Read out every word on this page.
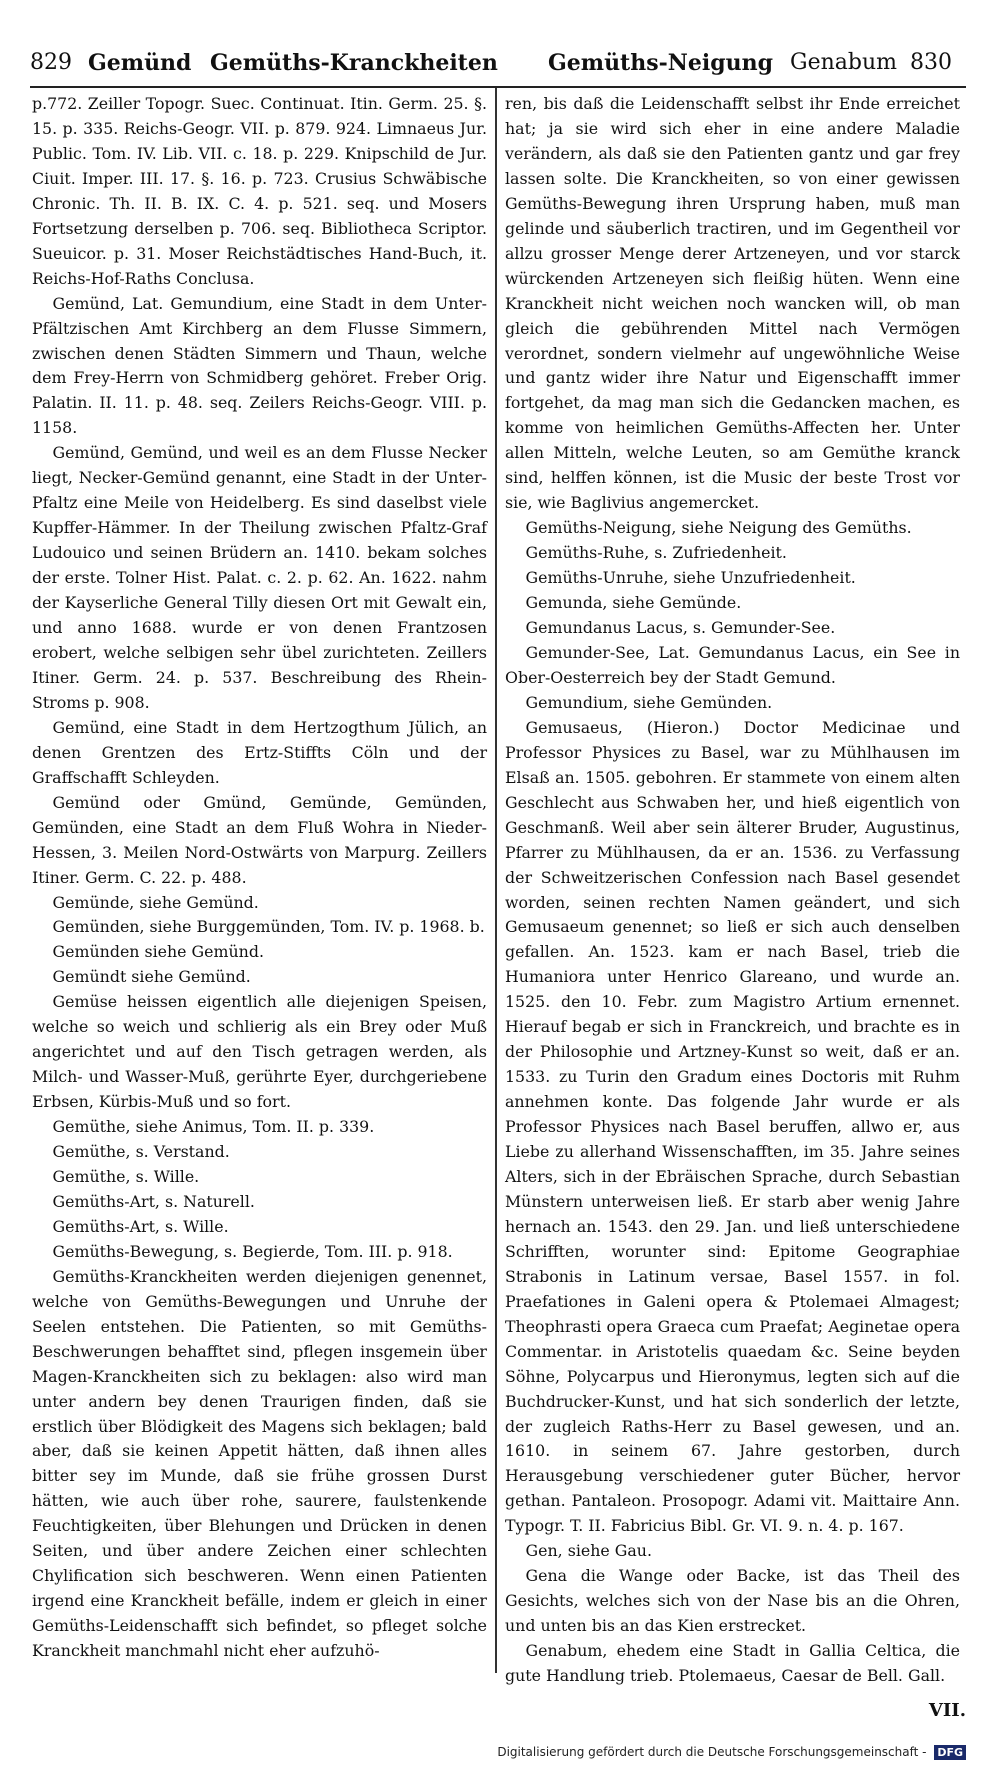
829 Gemünd Gemüths-Kranckheiten Gemüths-Neigung Genabum 830

p.772. Zeiller Topogr. Suec. Continuat. Itin. Germ. 25. §. 15. p. 335. Reichs-Geogr. VII. p. 879. 924. Limnaeus Jur. Public. Tom. IV. Lib. VII. c. 18. p. 229. Knipschild de Jur. Ciuit. Imper. III. 17. §. 16. p. 723. Crusius Schwäbische Chronic. Th. II. B. IX. C. 4. p. 521. seq. und Mosers Fortsetzung derselben p. 706. seq. Bibliotheca Scriptor. Sueuicor. p. 31. Moser Reichstädtisches Hand-Buch, it. Reichs-Hof-Raths Conclusa.

Gemünd, Lat. Gemundium, eine Stadt in dem Unter-Pfältzischen Amt Kirchberg an dem Flusse Simmern, zwischen denen Städten Simmern und Thaun, welche dem Frey-Herrn von Schmidberg gehöret. Freber Orig. Palatin. II. 11. p. 48. seq. Zeilers Reichs-Geogr. VIII. p. 1158.

Gemünd, Gemünd, und weil es an dem Flusse Necker liegt, Necker-Gemünd genannt, eine Stadt in der Unter-Pfaltz eine Meile von Heidelberg. Es sind daselbst viele Kupffer-Hämmer. In der Theilung zwischen Pfaltz-Graf Ludouico und seinen Brüdern an. 1410. bekam solches der erste. Tolner Hist. Palat. c. 2. p. 62. An. 1622. nahm der Kayserliche General Tilly diesen Ort mit Gewalt ein, und anno 1688. wurde er von denen Frantzosen erobert, welche selbigen sehr übel zurichteten. Zeillers Itiner. Germ. 24. p. 537. Beschreibung des Rhein-Stroms p. 908.

Gemünd, eine Stadt in dem Hertzogthum Jülich, an denen Grentzen des Ertz-Stiffts Cöln und der Graffschafft Schleyden.

Gemünd oder Gmünd, Gemünde, Gemünden, Gemünden, eine Stadt an dem Fluß Wohra in Nieder-Hessen, 3. Meilen Nord-Ostwärts von Marpurg. Zeillers Itiner. Germ. C. 22. p. 488.

Gemünde, siehe Gemünd.

Gemünden, siehe Burggemünden, Tom. IV. p. 1968. b.

Gemünden siehe Gemünd.

Gemündt siehe Gemünd.

Gemüse heissen eigentlich alle diejenigen Speisen, welche so weich und schlierig als ein Brey oder Muß angerichtet und auf den Tisch getragen werden, als Milch- und Wasser-Muß, gerührte Eyer, durchgeriebene Erbsen, Kürbis-Muß und so fort.

Gemüthe, siehe Animus, Tom. II. p. 339.

Gemüthe, s. Verstand.

Gemüthe, s. Wille.

Gemüths-Art, s. Naturell.

Gemüths-Art, s. Wille.

Gemüths-Bewegung, s. Begierde, Tom. III. p. 918.

Gemüths-Kranckheiten werden diejenigen genennet, welche von Gemüths-Bewegungen und Unruhe der Seelen entstehen. Die Patienten, so mit Gemüths-Beschwerungen behafftet sind, pflegen insgemein über Magen-Kranckheiten sich zu beklagen: also wird man unter andern bey denen Traurigen finden, daß sie erstlich über Blödigkeit des Magens sich beklagen; bald aber, daß sie keinen Appetit hätten, daß ihnen alles bitter sey im Munde, daß sie frühe grossen Durst hätten, wie auch über rohe, saurere, faulstenkende Feuchtigkeiten, über Blehungen und Drücken in denen Seiten, und über andere Zeichen einer schlechten Chylification sich beschweren. Wenn einen Patienten irgend eine Kranckheit befälle, indem er gleich in einer Gemüths-Leidenschafft sich befindet, so pfleget solche Kranckheit manchmahl nicht eher aufzuhö-

ren, bis daß die Leidenschafft selbst ihr Ende erreichet hat; ja sie wird sich eher in eine andere Maladie verändern, als daß sie den Patienten gantz und gar frey lassen solte. Die Kranckheiten, so von einer gewissen Gemüths-Bewegung ihren Ursprung haben, muß man gelinde und säuberlich tractiren, und im Gegentheil vor allzu grosser Menge derer Artzeneyen, und vor starck würckenden Artzeneyen sich fleißig hüten. Wenn eine Kranckheit nicht weichen noch wancken will, ob man gleich die gebührenden Mittel nach Vermögen verordnet, sondern vielmehr auf ungewöhnliche Weise und gantz wider ihre Natur und Eigenschafft immer fortgehet, da mag man sich die Gedancken machen, es komme von heimlichen Gemüths-Affecten her. Unter allen Mitteln, welche Leuten, so am Gemüthe kranck sind, helffen können, ist die Music der beste Trost vor sie, wie Baglivius angemercket.

Gemüths-Neigung, siehe Neigung des Gemüths.

Gemüths-Ruhe, s. Zufriedenheit.

Gemüths-Unruhe, siehe Unzufriedenheit.

Gemunda, siehe Gemünde.

Gemundanus Lacus, s. Gemunder-See.

Gemunder-See, Lat. Gemundanus Lacus, ein See in Ober-Oesterreich bey der Stadt Gemund.

Gemundium, siehe Gemünden.

Gemusaeus, (Hieron.) Doctor Medicinae und Professor Physices zu Basel, war zu Mühlhausen im Elsaß an. 1505. gebohren. Er stammete von einem alten Geschlecht aus Schwaben her, und hieß eigentlich von Geschmanß. Weil aber sein älterer Bruder, Augustinus, Pfarrer zu Mühlhausen, da er an. 1536. zu Verfassung der Schweitzerischen Confession nach Basel gesendet worden, seinen rechten Namen geändert, und sich Gemusaeum genennet; so ließ er sich auch denselben gefallen. An. 1523. kam er nach Basel, trieb die Humaniora unter Henrico Glareano, und wurde an. 1525. den 10. Febr. zum Magistro Artium ernennet. Hierauf begab er sich in Franckreich, und brachte es in der Philosophie und Artzney-Kunst so weit, daß er an. 1533. zu Turin den Gradum eines Doctoris mit Ruhm annehmen konte. Das folgende Jahr wurde er als Professor Physices nach Basel beruffen, allwo er, aus Liebe zu allerhand Wissenschafften, im 35. Jahre seines Alters, sich in der Ebräischen Sprache, durch Sebastian Münstern unterweisen ließ. Er starb aber wenig Jahre hernach an. 1543. den 29. Jan. und ließ unterschiedene Schrifften, worunter sind: Epitome Geographiae Strabonis in Latinum versae, Basel 1557. in fol. Praefationes in Galeni opera & Ptolemaei Almagest; Theophrasti opera Graeca cum Praefat; Aeginetae opera Commentar. in Aristotelis quaedam &c. Seine beyden Söhne, Polycarpus und Hieronymus, legten sich auf die Buchdrucker-Kunst, und hat sich sonderlich der letzte, der zugleich Raths-Herr zu Basel gewesen, und an. 1610. in seinem 67. Jahre gestorben, durch Herausgebung verschiedener guter Bücher, hervor gethan. Pantaleon. Prosopogr. Adami vit. Maittaire Ann. Typogr. T. II. Fabricius Bibl. Gr. VI. 9. n. 4. p. 167.

Gen, siehe Gau.

Gena die Wange oder Backe, ist das Theil des Gesichts, welches sich von der Nase bis an die Ohren, und unten bis an das Kien erstrecket.

Genabum, ehedem eine Stadt in Gallia Celtica, die gute Handlung trieb. Ptolemaeus, Caesar de Bell. Gall.

VII.
Digitalisierung gefördert durch die Deutsche Forschungsgemeinschaft - DFG
